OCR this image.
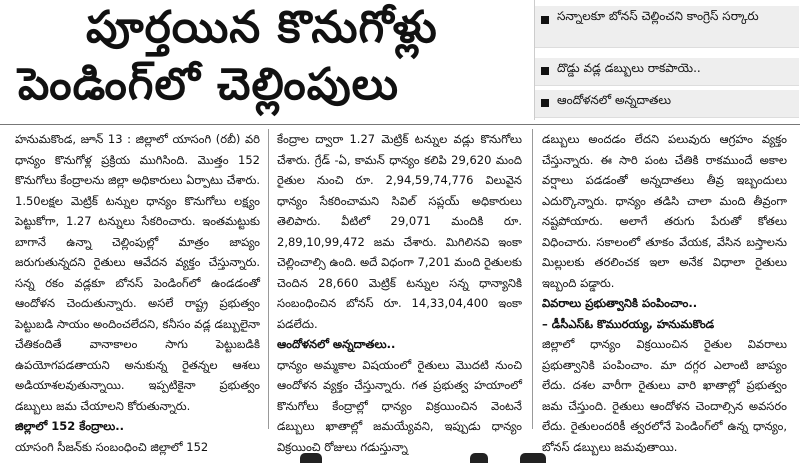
పూర్తయిన కొనుగోళ్లు
పెండింగ్‌లో చెల్లింపులు
సన్నాలకూ బోనస్ చెల్లించని కాంగ్రెస్ సర్కారు
దొడ్డు వడ్ల డబ్బులు రాకపాయె..
ఆందోళనలో అన్నదాతలు

హనుమకొండ, జూన్ 13 : జిల్లాలో యాసంగి (రబీ) వరి ధాన్యం కొనుగోళ్ల ప్రక్రియ ముగిసింది. మొత్తం 152 కొనుగోలు కేంద్రాలను జిల్లా అధికారులు ఏర్పాటు చేశారు. 1.50లక్షల మెట్రిక్ టన్నుల ధాన్యం కొనుగోలు లక్ష్యం పెట్టుకోగా, 1.27 టన్నులు సేకరించారు. ఇంతమట్టుకు బాగానే ఉన్నా చెల్లింపుల్లో మాత్రం జాప్యం జరుగుతున్నదని రైతులు ఆవేదన వ్యక్తం చేస్తున్నారు. సన్న రకం వడ్లకూ బోనస్ పెండింగ్‌లో ఉండడంతో ఆందోళన చెందుతున్నారు. అసలే రాష్ట్ర ప్రభుత్వం పెట్టుబడి సాయం అందించలేదని, కనీసం వడ్ల డబ్బులైనా చేతికందితే వానాకాలం సాగు పెట్టుబడికి ఉపయోగపడతాయని అనుకున్న రైతన్నల ఆశలు అడియాశలవుతున్నాయి. ఇప్పటికైనా ప్రభుత్వం డబ్బులు జమ చేయాలని కోరుతున్నారు.

జిల్లాలో 152 కేంద్రాలు..

యాసంగి సీజన్‌కు సంబంధించి జిల్లాలో 152

కేంద్రాల ద్వారా 1.27 మెట్రిక్ టన్నుల వడ్లు కొనుగోలు చేశారు. గ్రేడ్ -ఏ, కామన్ ధాన్యం కలిపి 29,620 మంది రైతుల నుంచి రూ. 2,94,59,74,776 విలువైన ధాన్యం సేకరించామని సివిల్ సప్లయ్ అధికారులు తెలిపారు. వీటిలో 29,071 మందికి రూ. 2,89,10,99,472 జమ చేశారు. మిగిలినవి ఇంకా చెల్లించాల్సి ఉంది. అదే విధంగా 7,201 మంది రైతులకు చెందిన 28,660 మెట్రిక్ టన్నుల సన్న ధాన్యానికి సంబంధించిన బోనస్ రూ. 14,33,04,400 ఇంకా పడలేదు.

ఆందోళనలో అన్నదాతలు..

ధాన్యం అమ్మకాల విషయంలో రైతులు మొదటి నుంచి ఆందోళన వ్యక్తం చేస్తున్నారు. గత ప్రభుత్వ హయాంలో కొనుగోలు కేంద్రాల్లో ధాన్యం విక్రయించిన వెంటనే డబ్బులు ఖాతాల్లో జమయ్యేవని, ఇప్పుడు ధాన్యం విక్రయించి రోజులు గడుస్తున్నా

డబ్బులు అందడం లేదని పలువురు ఆగ్రహం వ్యక్తం చేస్తున్నారు. ఈ సారి పంట చేతికి రాకముందే అకాల వర్షాలు పడడంతో అన్నదాతలు తీవ్ర ఇబ్బందులు ఎదుర్కొన్నారు. ధాన్యం తడిసి చాలా మంది తీవ్రంగా నష్టపోయారు. అలాగే తరుగు పేరుతో కోతలు విధించారు. సకాలంలో తూకం వేయక, వేసిన బస్తాలను మిల్లులకు తరలించక ఇలా అనేక విధాలా రైతులు ఇబ్బంది పడ్డారు.

వివరాలు ప్రభుత్వానికి పంపించాం..

– డీసీఎస్‌ఓ కొమురయ్య, హనుమకొండ

జిల్లాలో ధాన్యం విక్రయించిన రైతుల వివరాలు ప్రభుత్వానికి పంపించాం. మా దగ్గర ఎలాంటి జాప్యం లేదు. దశల వారీగా రైతులు వారి ఖాతాల్లో ప్రభుత్వం జమ చేస్తుంది. రైతులు ఆందోళన చెందాల్సిన అవసరం లేదు. రైతులందరికీ త్వరలోనే పెండింగ్‌లో ఉన్న ధాన్యం, బోనస్ డబ్బులు జమవుతాయి.
